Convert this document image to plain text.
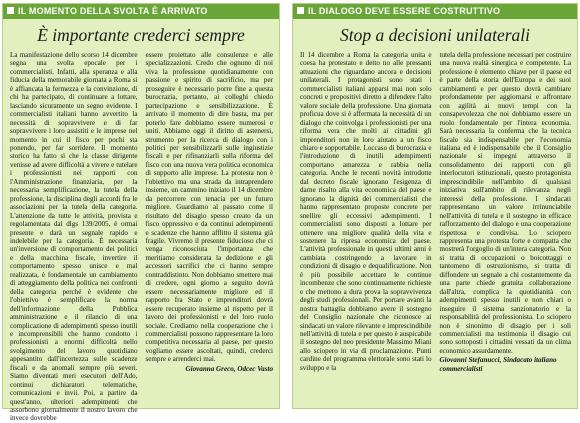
IL MOMENTO DELLA SVOLTA È ARRIVATO
È importante crederci sempre

La manifestazione dello scorso 14 dicembre segna una svolta epocale per i commercialisti. Infatti, alla speranza e alla fiducia della memorabile giornata a Roma si è affiancata la fermezza e la convinzione, di chi ha partecipato, di continuare a lottare, lasciando sicuramente un segno evidente. I commercialisti italiani hanno avvertito la necessità di sopravvivere e di far sopravvivere i loro assistiti e le imprese nel momento in cui il fisco per pochi sta ponendo, per far sorridere. Il momento storico ha fatto sì che la classe dirigente venisse ad avere difficoltà a vivere e tutelare i professionisti nei rapporti con l'Amministrazione finanziaria, per la necessaria semplificazione, la tutela della professione, la disciplina degli accordi fra le associazioni per la tutela della categoria. L'attenzione da tutte le attività, provista e regolamentata dal dlgs 139/2005, è ormai presente e darà un segnale rapido e indelebile per la categoria. È necessaria un'inversione di comportamento dei politici e della macchina fiscale, invertire il comportamento spesso unisce e mal realizzata, è fondamentale un cambiamento di atteggiamento della politica nei confronti della categoria perché è evidente che l'obiettivo è semplificare la norma dell'informazione della Pubblica amministrazione e il rilancio di una complicazione di adempimenti spesso inutili e incomprensibili che hanno condotto i professionisti a enormi difficoltà nello svolgimento del lavoro quotidiano appesantito dall'incertezza sulle scadenze fiscali e da anomali sempre più severi. Siamo diventati meri esecutori dell'Ado, continui dichiaratori telematiche, comunicazioni e invii. Poi, a partire da quest'anno, ulteriori adempimenti che assorbono giornalmente il nostro lavoro che invece dovrebbe

essere proiettato alle consulenze e alle specializzazioni. Credo che ognuno di noi viva la professione quotidianamente con passione e spirito di sacrificio, ma per proseguire è necessario porre fine a questa burocrazia, pertanto, ai colleghi chiedo partecipazione e sensibilizzazione. È arrivato il momento di dire basta, ma per poterlo fare dobbiamo essere numerosi e uniti. Abbiamo oggi il diritto di astenersi, strumento per la ricerca di dialogo con i politici per sensibilizzarli sulle ingiustizie fiscali e per rifinanziarli sulla riforma del fisco con una nuova vera politica economica di supporto alle imprese. La protesta non è l'obiettivo ma una strada da intraprendere insieme, un cammino iniziato il 14 dicembre da percorrere con tenacia per un futuro migliore. Guardiamo al passato come il risultato del disagio spesso creato da un fisco oppressivo e da continui adempimenti e scadenze che hanno afflitto il sistema già fragile. Vivremo il presente fiducioso che ci venga riconosciuta l'importanza che meritiamo considerata la dedizione e gli accessori sacrifici che ci hanno sempre contraddistinto. Non dobbiamo smettere mai di credere, ogni giorno a seguito dovrà essere necessariamente migliore ed il rapporto fra Stato e imprenditori dovrà essere recuperato insieme al rispetto per il lavoro dei professionisti e del loro ruolo sociale. Crediamo nella cooperazione che i commercialisti possono rappresentare la loro competitiva necessaria al paese, per questo vogliamo essere ascoltati, quindi, crederci sempre e arrenderci mai.

Giovanna Greco, Odcec Vasto

IL DIALOGO DEVE ESSERE COSTRUTTIVO
Stop a decisioni unilaterali

Il 14 dicembre a Roma la categoria unita e coesa ha protestato e detto no alle pressanti attuazioni che riguardano ancora e decisioni unilaterali. I protagonisti sono stati i commercialisti italiani apparsi mai non solo concreti e propositivi diretto a difendere l'alto valore sociale della professione. Una giornata proficua dove si è affermata la necessità di un dialogo che coinvolga i professionisti per una riforma vera che molti ai cittadini gli imprenditori non in loro aiutato a un fisco chiaro e sopportabile. Loccaso di burocrazia e l'introduzione di inutili adempimenti comportano amarezza e rabbia nella categoria. Anche le recenti novità introdotte dal decreto fiscale ignorano l'esigenza di darne risalto alla vita economica del paese e ignorano la dignità dei commercialisti che hanno rappresentato proposte concrete per snellire gli eccessivi adempimenti. I commercialisti sono disposti a lottare per ottenere una migliore qualità della vita e sostenere la ripresa economica del paese. L'attività professionale in questi ultimi anni è cambiata costringendo a lavorare in condizioni di disagio e dequalificazione. Non è più possibile accettare le continue incombenze che sono continuamente richieste e che mettono a dura prova la sopravvivenza degli studi professionali. Per portare avanti la nostra battaglia dobbiamo avere il sostegno del Consiglio nazionale che riconosce ai sindacati un valore rilevante e imprescindibile nell'attività di tutela e per questo è auspicabile il sostegno del neo presidente Massimo Miani allo sciopero in via di proclamazione. Punti cardine del programma elettorale sono stati lo sviluppo e la

tutela della professione necessari per costruire una nuova realtà sinergica e competente. La professione è elemento chiave per il paese ed è parte della storia dell'Europa e dei suoi cambiamenti e per questo dovrà cambiare profondamente per aggiornarsi e affrontare con agilità ai nuovi tempi con la consapevolezza che noi dobbiamo essere un ruolo fondamentale per l'intera economia. Sarà necessaria la conferma che la tecnica fiscale sia indispensabile per l'economia italiana ed è indispensabile che il Consiglio nazionale si impegni attraverso il consolidamento dei rapporti con gli interlocutori istituzionali, questo protagonista imprescindibile nell'ambito di qualsiasi iniziativa sull'ambito di rilevanza negli interessi della professione. I sindacati rappresentano un valore irrinunciabile nell'attività di tutela e il sostegno in efficace rafforzamento del dialogo e una cooperazione rispettosa e condivisa. Lo sciopero rappresenta una protesta forte e compatta che mostrerà l'orgoglio di un'intera categoria. Non si tratta di occupazioni o boicottaggi e tantomeno di ostruzionismo, si tratta di diffondere un segnale a chi costantemente da una parte chiede gratuita collaborazione dall'altra, complica la quotidianità con adempimenti spesso inutili e non chiari o inseguire il sistema sanzionatorio e la responsabilità del professionista. Lo sciopero non è sinonimo di disagio per i soli commercialisti ma testimonia il disagio cui sono sottoposti i cittadini vessati da un clima economico assurdamente.

Giovanni Stefanucci, Sindacato italiano commercialisti
